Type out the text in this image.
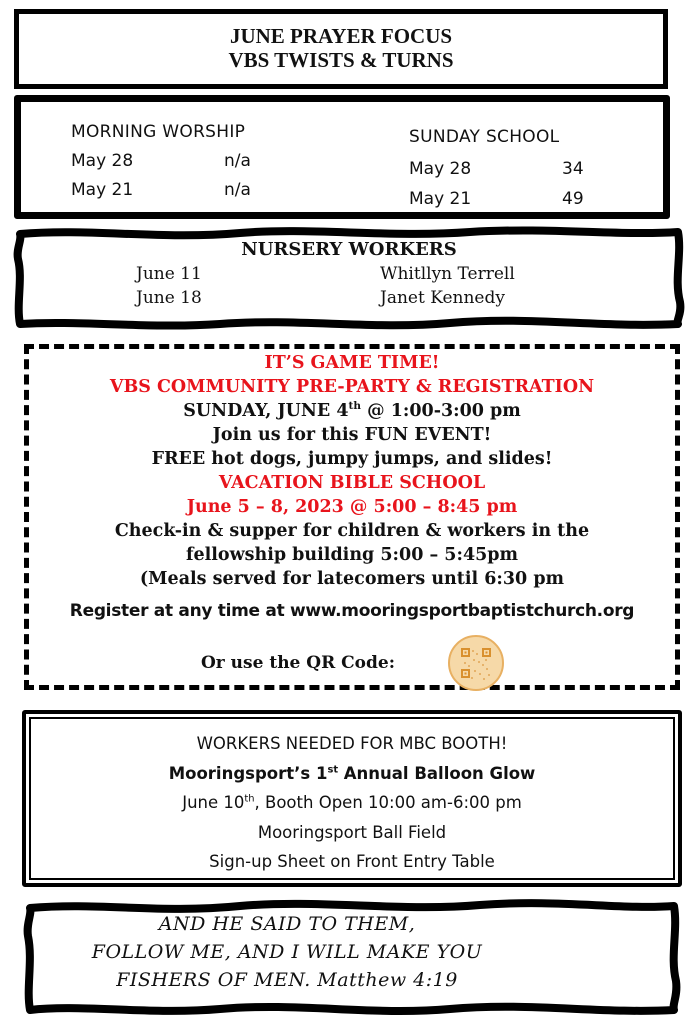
JUNE PRAYER FOCUS
VBS TWISTS & TURNS
MORNING WORSHIP
May 28	n/a
May 21	n/a
SUNDAY SCHOOL
May 28	34
May 21	49
NURSERY WORKERS
June 11	Whitllyn Terrell
June 18	Janet Kennedy
IT’S GAME TIME!
VBS COMMUNITY PRE-PARTY & REGISTRATION
SUNDAY, JUNE 4th @ 1:00-3:00 pm
Join us for this FUN EVENT!
FREE hot dogs, jumpy jumps, and slides!
VACATION BIBLE SCHOOL
June 5 – 8, 2023 @ 5:00 – 8:45 pm
Check-in & supper for children & workers in the
fellowship building 5:00 – 5:45pm
(Meals served for latecomers until 6:30 pm
Register at any time at www.mooringsportbaptistchurch.org
Or use the QR Code:
WORKERS NEEDED FOR MBC BOOTH!
Mooringsport’s 1st Annual Balloon Glow
June 10th, Booth Open 10:00 am-6:00 pm
Mooringsport Ball Field
Sign-up Sheet on Front Entry Table
AND HE SAID TO THEM,
FOLLOW ME, AND I WILL MAKE YOU
FISHERS OF MEN. Matthew 4:19
